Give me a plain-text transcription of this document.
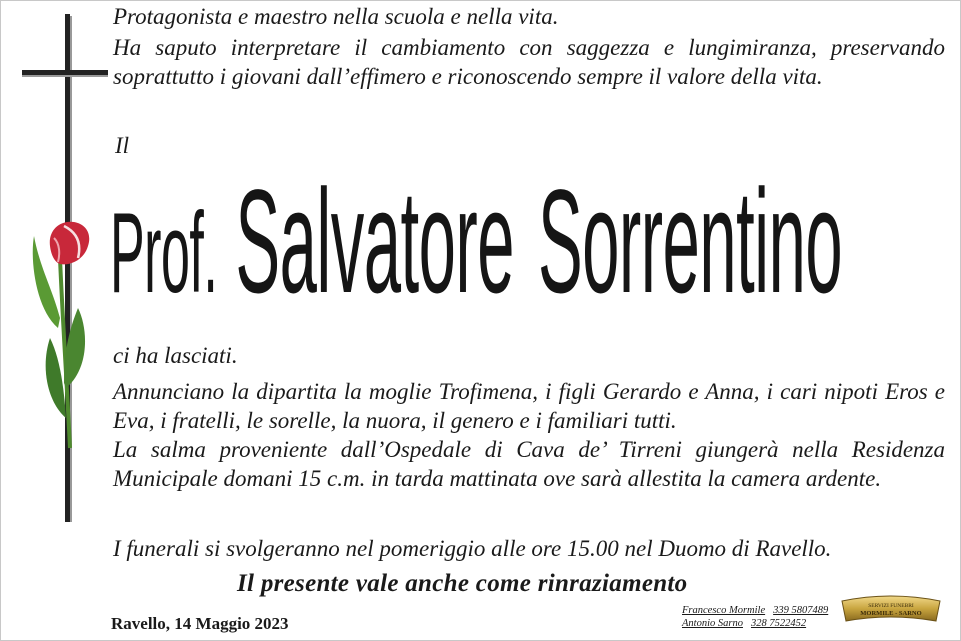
Protagonista e maestro nella scuola e nella vita.

Ha saputo interpretare il cambiamento con saggezza e lungimiranza, preservando soprattutto i giovani dall’effimero e riconoscendo sempre il valore della vita.

Il
Prof. Salvatore Sorrentino

ci ha lasciati.

Annunciano la dipartita la moglie Trofimena, i figli Gerardo e Anna, i cari nipoti Eros e Eva, i fratelli, le sorelle, la nuora, il genero e i familiari tutti.

La salma proveniente dall’Ospedale di Cava de’ Tirreni giungerà nella Residenza Municipale domani 15 c.m. in tarda mattinata ove sarà allestita la camera ardente.

I funerali si svolgeranno nel pomeriggio alle ore 15.00 nel Duomo di Ravello.

Il presente vale anche come rinraziamento

Ravello, 14 Maggio 2023
Francesco Mormile 339 5807489
Antonio Sarno 328 7522452
SERVIZI FUNEBRI
MORMILE - SARNO
